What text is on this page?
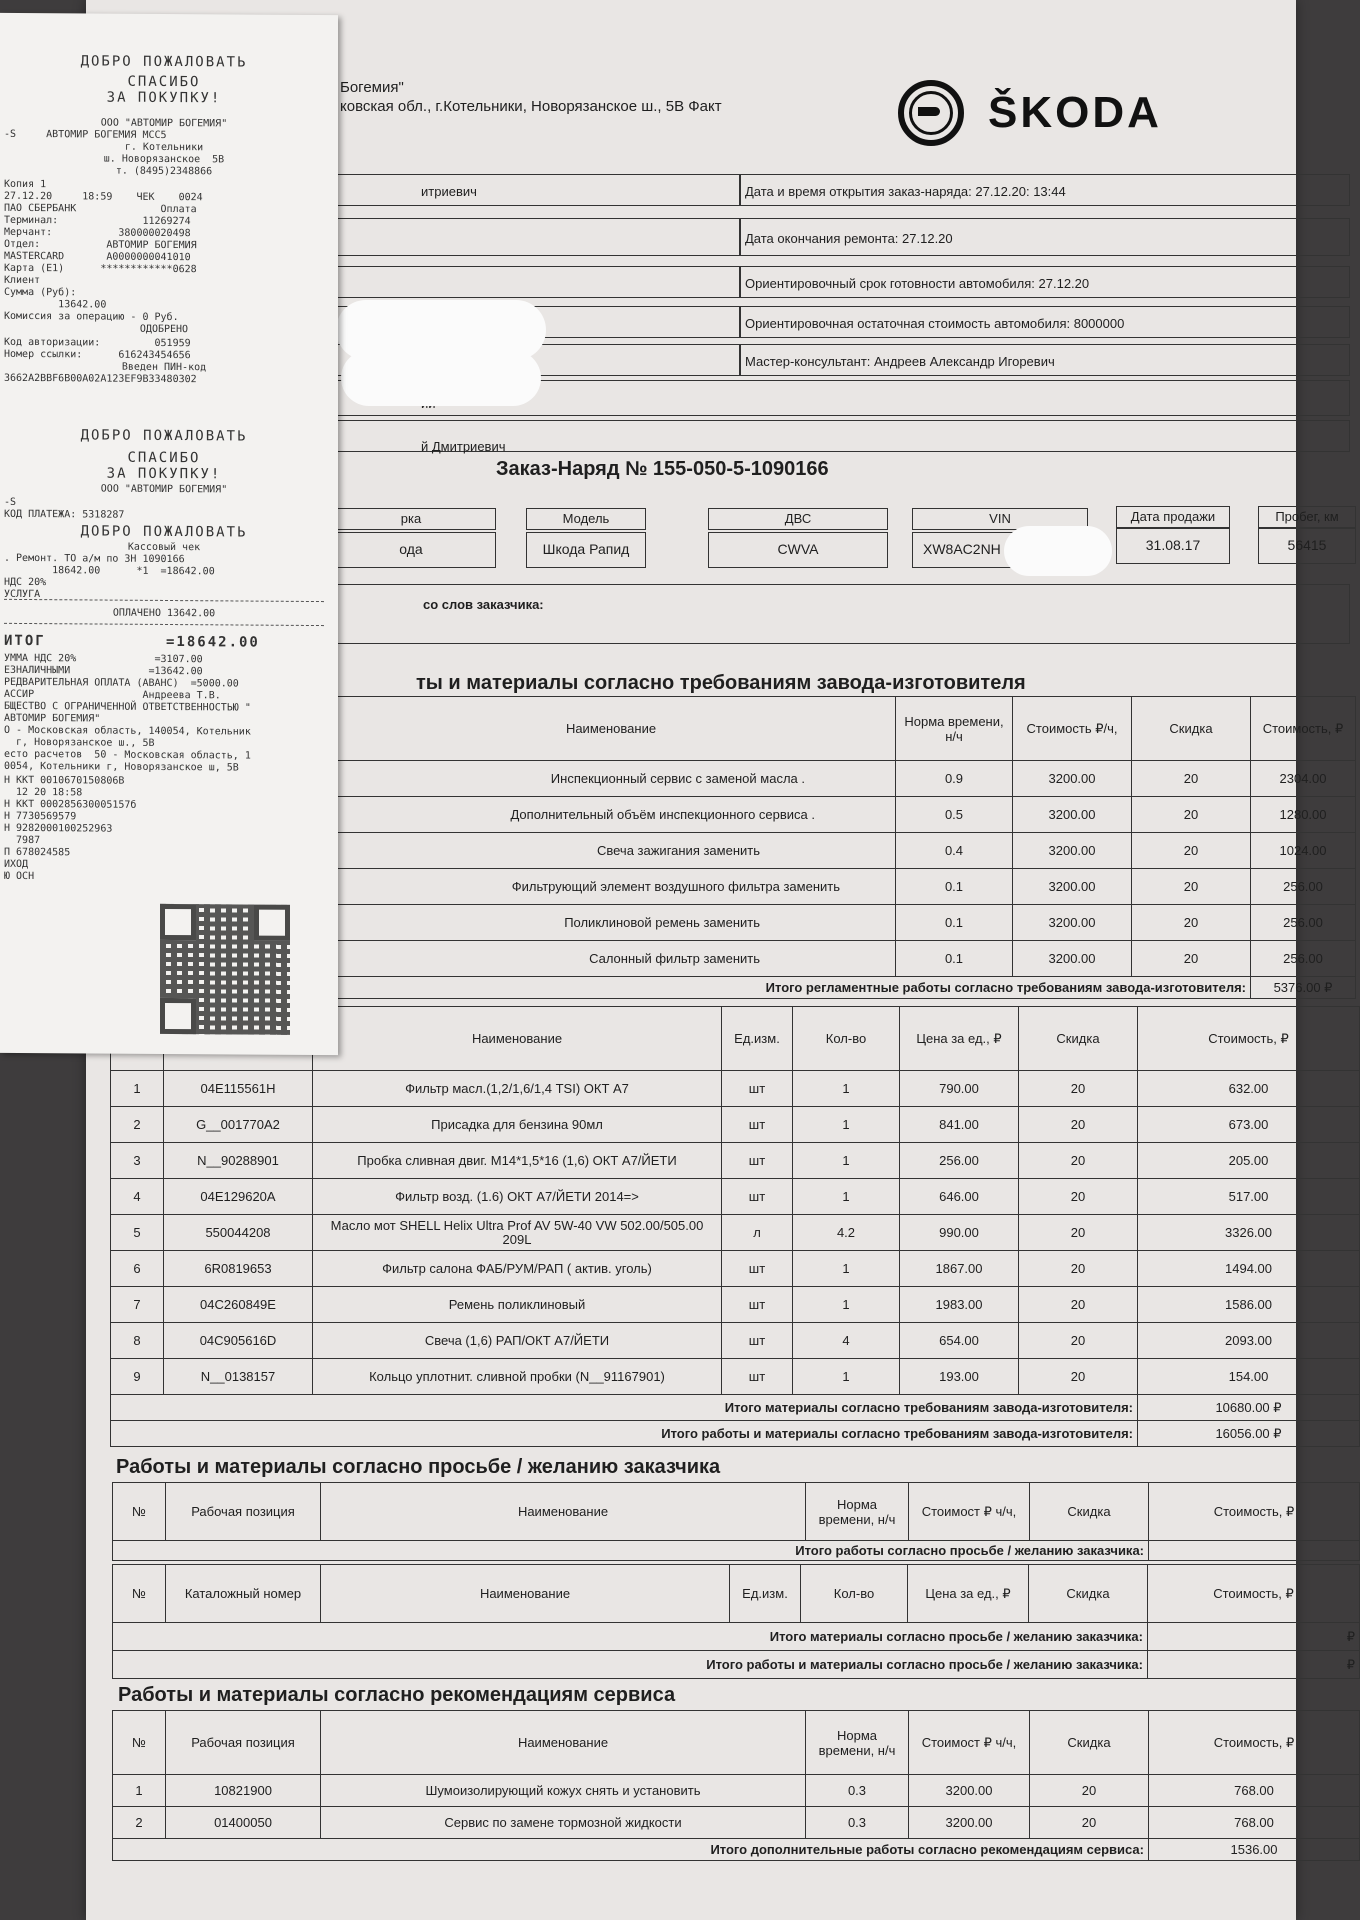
Богемия"
ковская обл., г.Котельники, Новорязанское ш., 5В Факт	ŠKODA
итриевич	Дата и время открытия заказ-наряда: 27.12.20: 13:44
Дата окончания ремонта: 27.12.20
Ориентировочный срок готовности автомобиля: 27.12.20
Ориентировочная остаточная стоимость автомобиля: 8000000
Мастер-консультант: Андреев Александр Игоревич
й Дмитриевич
Заказ-Наряд № 155-050-5-1090166
рка
ода
Модель
Шкода Рапид
ДВС
CWVA
VIN
XW8AC2NH
Дата продажи
31.08.17
Пробег, км
56415
со слов заказчика:
ты и материалы согласно требованиям завода-изготовителя
Наименование	Норма времени, н/ч	Стоимость ₽/ч,	Скидка	Стоимость, ₽
Инспекционный сервис с заменой масла .	0.9	3200.00	20	2304.00
Дополнительный объём инспекционного сервиса .	0.5	3200.00	20	1280.00
Свеча зажигания заменить	0.4	3200.00	20	1024.00
Фильтрующий элемент воздушного фильтра заменить	0.1	3200.00	20	256.00
Поликлиновой ремень заменить	0.1	3200.00	20	256.00
Салонный фильтр заменить	0.1	3200.00	20	256.00
Итого регламентные работы согласно требованиям завода-изготовителя:				5376.00 ₽
		Наименование	Ед.изм.	Кол-во	Цена за ед., ₽	Скидка	Стоимость, ₽
1	04E115561H	Фильтр масл.(1,2/1,6/1,4 TSI) ОКТ А7	шт	1	790.00	20	632.00
2	G__001770A2	Присадка для бензина 90мл	шт	1	841.00	20	673.00
3	N__90288901	Пробка сливная двиг. М14*1,5*16 (1,6) ОКТ А7/ЙЕТИ	шт	1	256.00	20	205.00
4	04E129620A	Фильтр возд. (1.6) ОКТ А7/ЙЕТИ 2014=>	шт	1	646.00	20	517.00
5	550044208	Масло мот SHELL Helix Ultra Prof AV 5W-40 VW 502.00/505.00 209L	л	4.2	990.00	20	3326.00
6	6R0819653	Фильтр салона ФАБ/РУМ/РАП ( актив. уголь)	шт	1	1867.00	20	1494.00
7	04C260849E	Ремень поликлиновый	шт	1	1983.00	20	1586.00
8	04C905616D	Свеча (1,6) РАП/ОКТ А7/ЙЕТИ	шт	4	654.00	20	2093.00
9	N__0138157	Кольцо уплотнит. сливной пробки (N__91167901)	шт	1	193.00	20	154.00
Итого материалы согласно требованиям завода-изготовителя:							10680.00 ₽
Итого работы и материалы согласно требованиям завода-изготовителя:							16056.00 ₽
Работы и материалы согласно просьбе / желанию заказчика
№	Рабочая позиция	Наименование	Норма времени, н/ч	Стоимост ₽ ч/ч,	Скидка	Стоимость, ₽
Итого работы согласно просьбе / желанию заказчика:						
№	Каталожный номер	Наименование	Ед.изм.	Кол-во	Цена за ед., ₽	Скидка	Стоимость, ₽
Итого материалы согласно просьбе / желанию заказчика:							₽
Итого работы и материалы согласно просьбе / желанию заказчика:							₽
Работы и материалы согласно рекомендациям сервиса
№	Рабочая позиция	Наименование	Норма времени, н/ч	Стоимост ₽ ч/ч,	Скидка	Стоимость, ₽
1	10821900	Шумоизолирующий кожух снять и установить	0.3	3200.00	20	768.00
2	01400050	Сервис по замене тормозной жидкости	0.3	3200.00	20	768.00
Итого дополнительные работы согласно рекомендациям сервиса:						1536.00
ДОБРО ПОЖАЛОВАТЬ
СПАСИБО
ЗА ПОКУПКУ!
ООО "АВТОМИР БОГЕМИЯ"
-S     АВТОМИР БОГЕМИЯ МСС5
г. Котельники
ш. Новорязанское  5В
т. (8495)2348866
Копия 1
27.12.20     18:59    ЧЕК    0024
ПАО СБЕРБАНК              Оплата
Терминал:              11269274
Мерчант:           380000020498
Отдел:           АВТОМИР БОГЕМИЯ
MASTERCARD       A0000000041010
Карта (E1)      ************0628
Клиент
Сумма (Руб):
13642.00
Комиссия за операцию - 0 Руб.
ОДОБРЕНО
Код авторизации:         051959
Номер ссылки:      616243454656
Введен ПИН-код
3662A2BBF6B00A02A123EF9B33480302
ДОБРО ПОЖАЛОВАТЬ
СПАСИБО
ЗА ПОКУПКУ!
ООО "АВТОМИР БОГЕМИЯ"
-S
КОД ПЛАТЕЖА: 5318287
ДОБРО ПОЖАЛОВАТЬ
Кассовый чек
. Ремонт. ТО а/м по ЗН 1090166
18642.00      *1  =18642.00
НДС 20%
УСЛУГА
ОПЛАЧЕНО 13642.00
ИТОГ	=18642.00
УММА НДС 20%             =3107.00
ЕЗНАЛИЧНЫМИ             =13642.00
РЕДВАРИТЕЛЬНАЯ ОПЛАТА (АВАНС)  =5000.00
АССИР                  Андреева Т.В.
БЩЕСТВО С ОГРАНИЧЕННОЙ ОТВЕТСТВЕННОСТЬЮ "
АВТОМИР БОГЕМИЯ"
О - Московская область, 140054, Котельник
г, Новорязанское ш., 5В
есто расчетов  50 - Московская область, 1
0054, Котельники г, Новорязанское ш, 5В
Н ККТ 0010670150806В
12 20 18:58
Н ККТ 000285630005157б
Н 7730569579
Н 9282000100252963
7987
П 678024585
ИХОД
Ю ОСН
